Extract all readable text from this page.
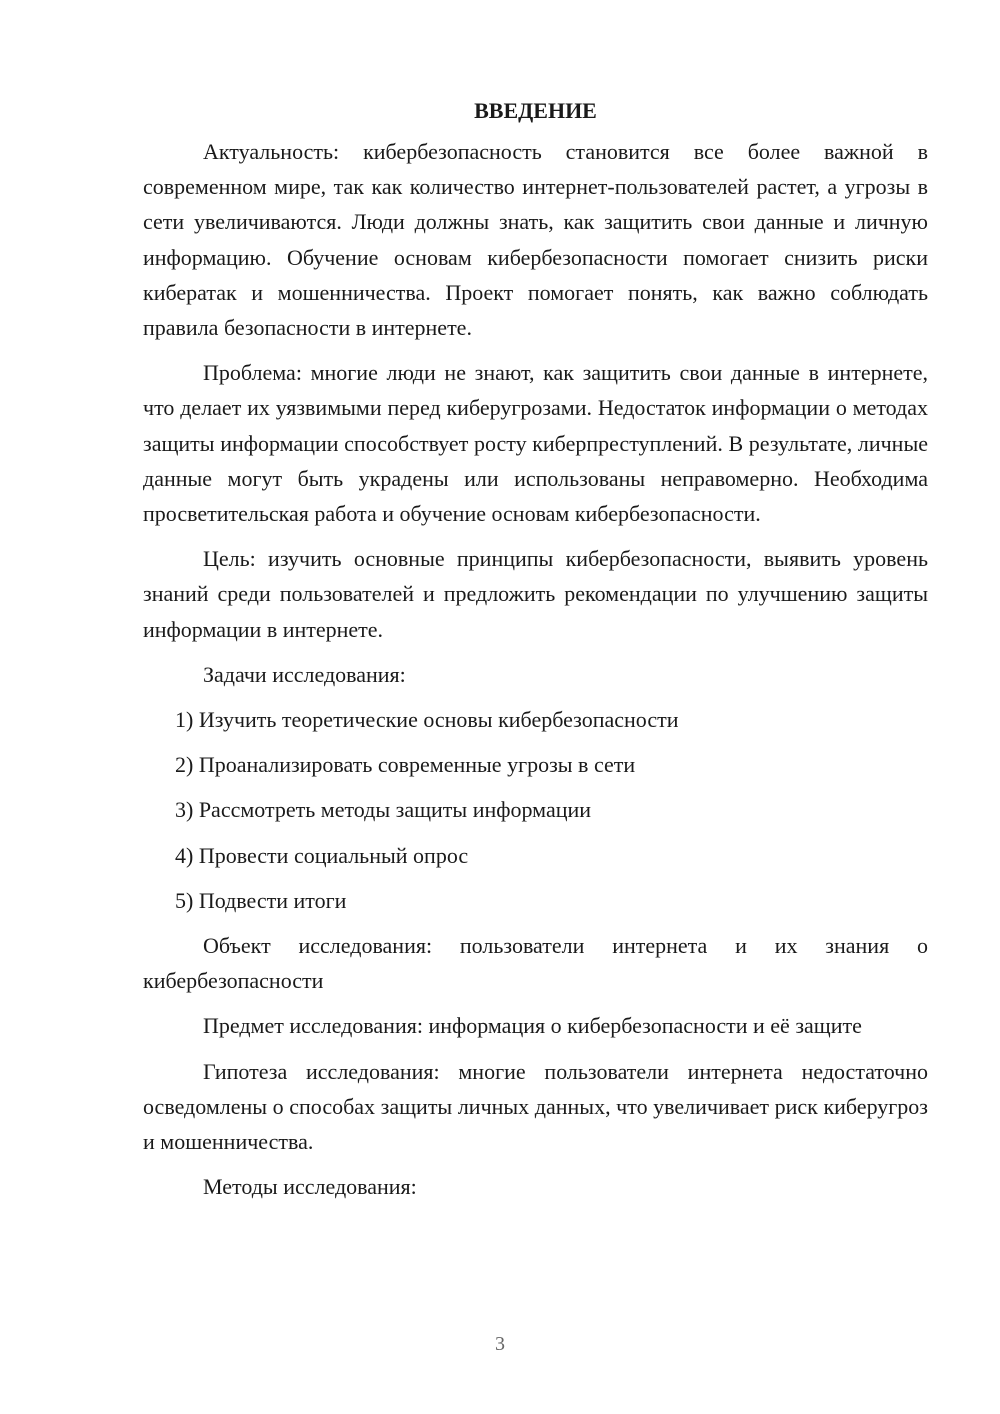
ВВЕДЕНИЕ

Актуальность: кибербезопасность становится все более важной в современном мире, так как количество интернет-пользователей растет, а угрозы в сети увеличиваются. Люди должны знать, как защитить свои данные и личную информацию. Обучение основам кибербезопасности помогает снизить риски кибератак и мошенничества. Проект помогает понять, как важно соблюдать правила безопасности в интернете.

Проблема: многие люди не знают, как защитить свои данные в интернете, что делает их уязвимыми перед киберугрозами. Недостаток информации о методах защиты информации способствует росту киберпреступлений. В результате, личные данные могут быть украдены или использованы неправомерно. Необходима просветительская работа и обучение основам кибербезопасности.

Цель: изучить основные принципы кибербезопасности, выявить уровень знаний среди пользователей и предложить рекомендации по улучшению защиты информации в интернете.

Задачи исследования:

1) Изучить теоретические основы кибербезопасности
2) Проанализировать современные угрозы в сети
3) Рассмотреть методы защиты информации
4) Провести социальный опрос
5) Подвести итоги

Объект исследования: пользователи интернета и их знания о кибербезопасности

Предмет исследования: информация о кибербезопасности и её защите

Гипотеза исследования: многие пользователи интернета недостаточно осведомлены о способах защиты личных данных, что увеличивает риск киберугроз и мошенничества.

Методы исследования:

3
